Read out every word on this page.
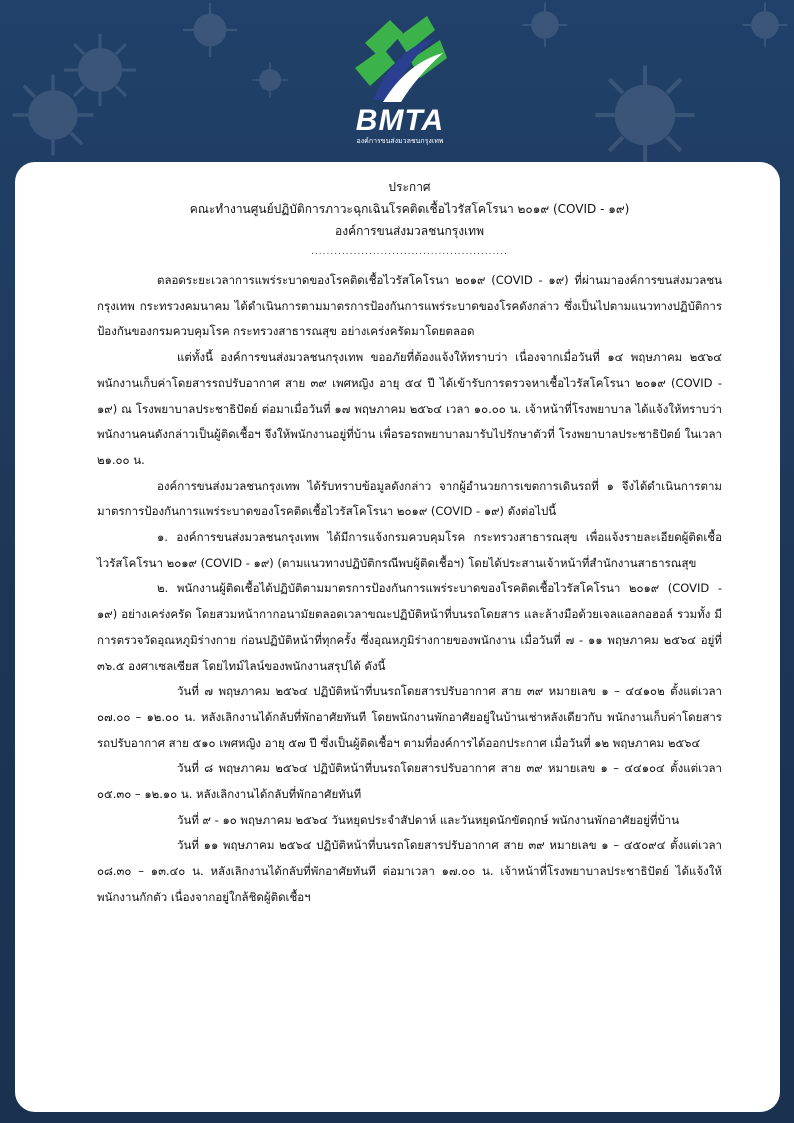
BMTA
องค์การขนส่งมวลชนกรุงเทพ
ประกาศ
คณะทำงานศูนย์ปฏิบัติการภาวะฉุกเฉินโรคติดเชื้อไวรัสโคโรนา ๒๐๑๙ (COVID - ๑๙)
องค์การขนส่งมวลชนกรุงเทพ
...................................................

ตลอดระยะเวลาการแพร่ระบาดของโรคติดเชื้อไวรัสโคโรนา ๒๐๑๙ (COVID - ๑๙) ที่ผ่านมาองค์การขนส่งมวลชนกรุงเทพ กระทรวงคมนาคม ได้ดำเนินการตามมาตรการป้องกันการแพร่ระบาดของโรคดังกล่าว ซึ่งเป็นไปตามแนวทางปฏิบัติการป้องกันของกรมควบคุมโรค กระทรวงสาธารณสุข อย่างเคร่งครัดมาโดยตลอด

แต่ทั้งนี้ องค์การขนส่งมวลชนกรุงเทพ ขออภัยที่ต้องแจ้งให้ทราบว่า เนื่องจากเมื่อวันที่ ๑๔ พฤษภาคม ๒๕๖๔ พนักงานเก็บค่าโดยสารรถปรับอากาศ สาย ๓๙ เพศหญิง อายุ ๕๔ ปี ได้เข้ารับการตรวจหาเชื้อไวรัสโคโรนา ๒๐๑๙ (COVID - ๑๙) ณ โรงพยาบาลประชาธิปัตย์ ต่อมาเมื่อวันที่ ๑๗ พฤษภาคม ๒๕๖๔ เวลา ๑๐.๐๐ น. เจ้าหน้าที่โรงพยาบาล ได้แจ้งให้ทราบว่าพนักงานคนดังกล่าวเป็นผู้ติดเชื้อฯ จึงให้พนักงานอยู่ที่บ้าน เพื่อรอรถพยาบาลมารับไปรักษาตัวที่ โรงพยาบาลประชาธิปัตย์ ในเวลา ๒๑.๐๐ น.

องค์การขนส่งมวลชนกรุงเทพ ได้รับทราบข้อมูลดังกล่าว จากผู้อำนวยการเขตการเดินรถที่ ๑ จึงได้ดำเนินการตามมาตรการป้องกันการแพร่ระบาดของโรคติดเชื้อไวรัสโคโรนา ๒๐๑๙ (COVID - ๑๙) ดังต่อไปนี้

๑. องค์การขนส่งมวลชนกรุงเทพ ได้มีการแจ้งกรมควบคุมโรค กระทรวงสาธารณสุข เพื่อแจ้งรายละเอียดผู้ติดเชื้อไวรัสโคโรนา ๒๐๑๙ (COVID - ๑๙) (ตามแนวทางปฏิบัติกรณีพบผู้ติดเชื้อฯ) โดยได้ประสานเจ้าหน้าที่สำนักงานสาธารณสุข

๒. พนักงานผู้ติดเชื้อได้ปฏิบัติตามมาตรการป้องกันการแพร่ระบาดของโรคติดเชื้อไวรัสโคโรนา ๒๐๑๙ (COVID - ๑๙) อย่างเคร่งครัด โดยสวมหน้ากากอนามัยตลอดเวลาขณะปฏิบัติหน้าที่บนรถโดยสาร และล้างมือด้วยเจลแอลกอฮอล์ รวมทั้ง มีการตรวจวัดอุณหภูมิร่างกาย ก่อนปฏิบัติหน้าที่ทุกครั้ง ซึ่งอุณหภูมิร่างกายของพนักงาน เมื่อวันที่ ๗ - ๑๑ พฤษภาคม ๒๕๖๔ อยู่ที่ ๓๖.๕ องศาเซลเซียส โดยไทม์ไลน์ของพนักงานสรุปได้ ดังนี้

วันที่ ๗ พฤษภาคม ๒๕๖๔ ปฏิบัติหน้าที่บนรถโดยสารปรับอากาศ สาย ๓๙ หมายเลข ๑ – ๔๔๑๐๒ ตั้งแต่เวลา ๐๗.๐๐ – ๑๒.๐๐ น. หลังเลิกงานได้กลับที่พักอาศัยทันที โดยพนักงานพักอาศัยอยู่ในบ้านเช่าหลังเดียวกับ พนักงานเก็บค่าโดยสารรถปรับอากาศ สาย ๕๑๐ เพศหญิง อายุ ๕๗ ปี ซึ่งเป็นผู้ติดเชื้อฯ ตามที่องค์การได้ออกประกาศ เมื่อวันที่ ๑๒ พฤษภาคม ๒๕๖๔

วันที่ ๘ พฤษภาคม ๒๕๖๔ ปฏิบัติหน้าที่บนรถโดยสารปรับอากาศ สาย ๓๙ หมายเลข ๑ – ๔๔๑๐๔ ตั้งแต่เวลา ๐๕.๓๐ – ๑๒.๑๐ น. หลังเลิกงานได้กลับที่พักอาศัยทันที

วันที่ ๙ - ๑๐ พฤษภาคม ๒๕๖๔ วันหยุดประจำสัปดาห์ และวันหยุดนักขัตฤกษ์ พนักงานพักอาศัยอยู่ที่บ้าน

วันที่ ๑๑ พฤษภาคม ๒๕๖๔ ปฏิบัติหน้าที่บนรถโดยสารปรับอากาศ สาย ๓๙ หมายเลข ๑ – ๔๕๐๙๔ ตั้งแต่เวลา ๐๘.๓๐ – ๑๓.๔๐ น. หลังเลิกงานได้กลับที่พักอาศัยทันที ต่อมาเวลา ๑๗.๐๐ น. เจ้าหน้าที่โรงพยาบาลประชาธิปัตย์ ได้แจ้งให้พนักงานกักตัว เนื่องจากอยู่ใกล้ชิดผู้ติดเชื้อฯ
